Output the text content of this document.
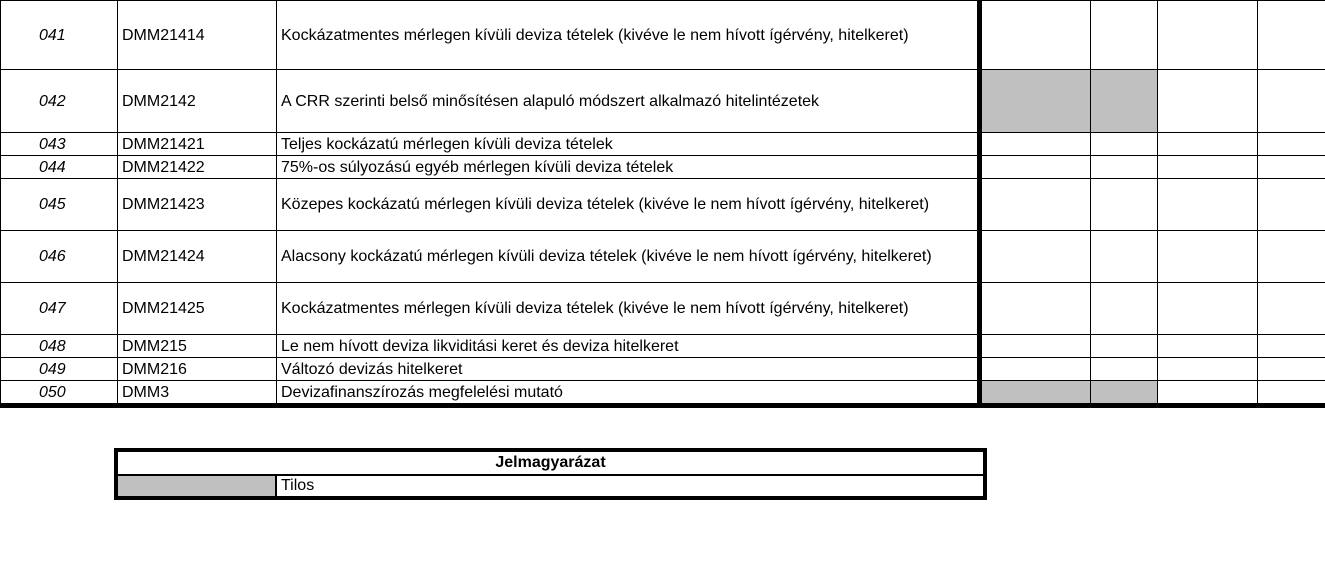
041	DMM21414	Kockázatmentes mérlegen kívüli deviza tételek (kivéve le nem hívott ígérvény, hitelkeret)				
042	DMM2142	A CRR szerinti belső minősítésen alapuló módszert alkalmazó hitelintézetek				
043	DMM21421	Teljes kockázatú mérlegen kívüli deviza tételek				
044	DMM21422	75%-os súlyozású egyéb mérlegen kívüli deviza tételek				
045	DMM21423	Közepes kockázatú mérlegen kívüli deviza tételek (kivéve le nem hívott ígérvény, hitelkeret)				
046	DMM21424	Alacsony kockázatú mérlegen kívüli deviza tételek (kivéve le nem hívott ígérvény, hitelkeret)				
047	DMM21425	Kockázatmentes mérlegen kívüli deviza tételek (kivéve le nem hívott ígérvény, hitelkeret)				
048	DMM215	Le nem hívott deviza likviditási keret és deviza hitelkeret				
049	DMM216	Változó devizás hitelkeret				
050	DMM3	Devizafinanszírozás megfelelési mutató				
Jelmagyarázat
	Tilos
